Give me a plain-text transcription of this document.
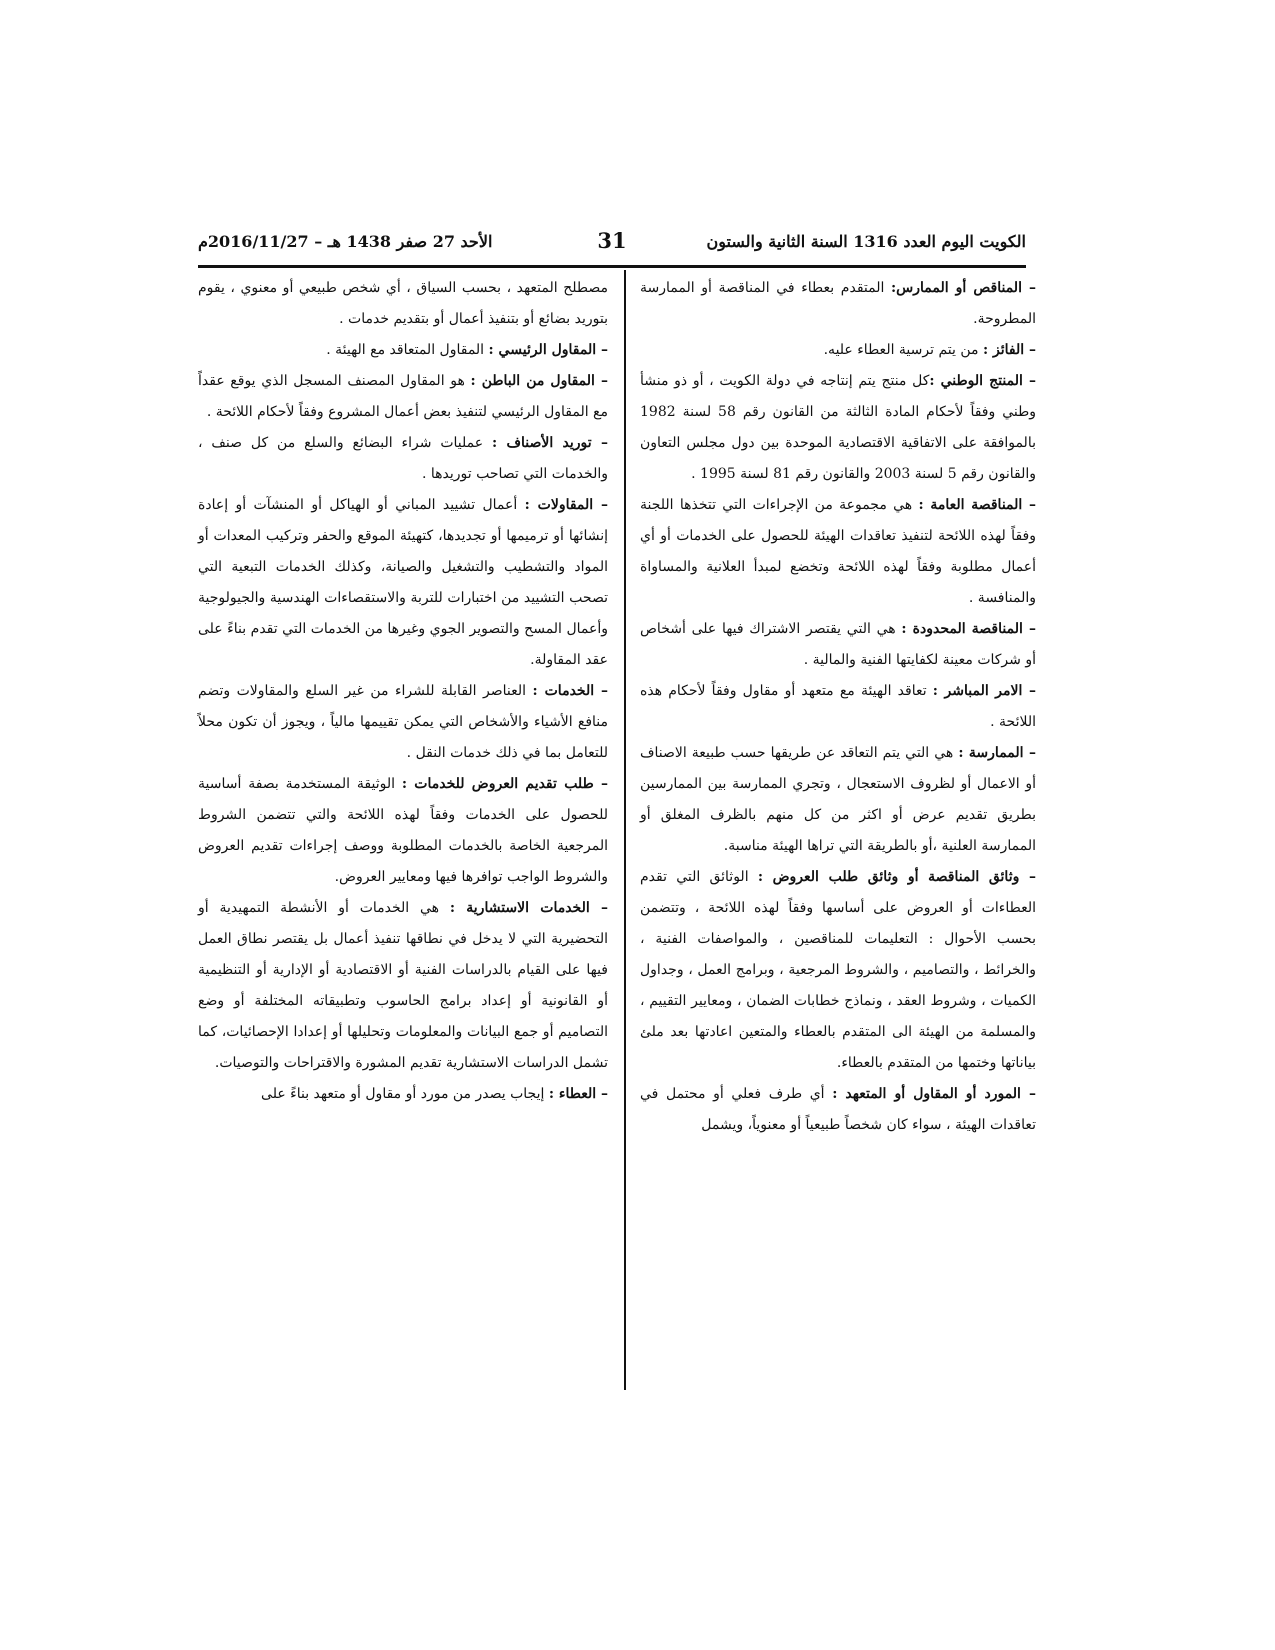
الكويت اليوم العدد 1316 السنة الثانية والستون
31
الأحد 27 صفر 1438 هـ – 2016/11/27م

– المناقص أو الممارس: المتقدم بعطاء في المناقصة أو الممارسة المطروحة.

– الفائز : من يتم ترسية العطاء عليه.

– المنتج الوطني :كل منتج يتم إنتاجه في دولة الكويت ، أو ذو منشأ وطني وفقاً لأحكام المادة الثالثة من القانون رقم 58 لسنة 1982 بالموافقة على الاتفاقية الاقتصادية الموحدة بين دول مجلس التعاون والقانون رقم 5 لسنة 2003 والقانون رقم 81 لسنة 1995 .

– المناقصة العامة : هي مجموعة من الإجراءات التي تتخذها اللجنة وفقاً لهذه اللائحة لتنفيذ تعاقدات الهيئة للحصول على الخدمات أو أي أعمال مطلوبة وفقاً لهذه اللائحة وتخضع لمبدأ العلانية والمساواة والمنافسة .

– المناقصة المحدودة : هي التي يقتصر الاشتراك فيها على أشخاص أو شركات معينة لكفايتها الفنية والمالية .

– الامر المباشر : تعاقد الهيئة مع متعهد أو مقاول وفقاً لأحكام هذه اللائحة .

– الممارسة : هي التي يتم التعاقد عن طريقها حسب طبيعة الاصناف أو الاعمال أو لظروف الاستعجال ، وتجري الممارسة بين الممارسين بطريق تقديم عرض أو اكثر من كل منهم بالظرف المغلق أو الممارسة العلنية ،أو بالطريقة التي تراها الهيئة مناسبة.

– وثائق المناقصة أو وثائق طلب العروض : الوثائق التي تقدم العطاءات أو العروض على أساسها وفقاً لهذه اللائحة ، وتتضمن بحسب الأحوال : التعليمات للمناقصين ، والمواصفات الفنية ، والخرائط ، والتصاميم ، والشروط المرجعية ، وبرامج العمل ، وجداول الكميات ، وشروط العقد ، ونماذج خطابات الضمان ، ومعايير التقييم ، والمسلمة من الهيئة الى المتقدم بالعطاء والمتعين اعادتها بعد ملئ بياناتها وختمها من المتقدم بالعطاء.

– المورد أو المقاول أو المتعهد : أي طرف فعلي أو محتمل في تعاقدات الهيئة ، سواء كان شخصاً طبيعياً أو معنوياً، ويشمل

مصطلح المتعهد ، بحسب السياق ، أي شخص طبيعي أو معنوي ، يقوم بتوريد بضائع أو بتنفيذ أعمال أو بتقديم خدمات .

– المقاول الرئيسي : المقاول المتعاقد مع الهيئة .

– المقاول من الباطن : هو المقاول المصنف المسجل الذي يوقع عقداً مع المقاول الرئيسي لتنفيذ بعض أعمال المشروع وفقاً لأحكام اللائحة .

– توريد الأصناف : عمليات شراء البضائع والسلع من كل صنف ، والخدمات التي تصاحب توريدها .

– المقاولات : أعمال تشييد المباني أو الهياكل أو المنشآت أو إعادة إنشائها أو ترميمها أو تجديدها، كتهيئة الموقع والحفر وتركيب المعدات أو المواد والتشطيب والتشغيل والصيانة، وكذلك الخدمات التبعية التي تصحب التشييد من اختبارات للتربة والاستقصاءات الهندسية والجيولوجية وأعمال المسح والتصوير الجوي وغيرها من الخدمات التي تقدم بناءً على عقد المقاولة.

– الخدمات : العناصر القابلة للشراء من غير السلع والمقاولات وتضم منافع الأشياء والأشخاص التي يمكن تقييمها مالياً ، ويجوز أن تكون محلاً للتعامل بما في ذلك خدمات النقل .

– طلب تقديم العروض للخدمات : الوثيقة المستخدمة بصفة أساسية للحصول على الخدمات وفقاً لهذه اللائحة والتي تتضمن الشروط المرجعية الخاصة بالخدمات المطلوبة ووصف إجراءات تقديم العروض والشروط الواجب توافرها فيها ومعايير العروض.

– الخدمات الاستشارية : هي الخدمات أو الأنشطة التمهيدية أو التحضيرية التي لا يدخل في نطاقها تنفيذ أعمال بل يقتصر نطاق العمل فيها على القيام بالدراسات الفنية أو الاقتصادية أو الإدارية أو التنظيمية أو القانونية أو إعداد برامج الحاسوب وتطبيقاته المختلفة أو وضع التصاميم أو جمع البيانات والمعلومات وتحليلها أو إعدادا الإحصائيات، كما تشمل الدراسات الاستشارية تقديم المشورة والاقتراحات والتوصيات.

– العطاء : إيجاب يصدر من مورد أو مقاول أو متعهد بناءً على
